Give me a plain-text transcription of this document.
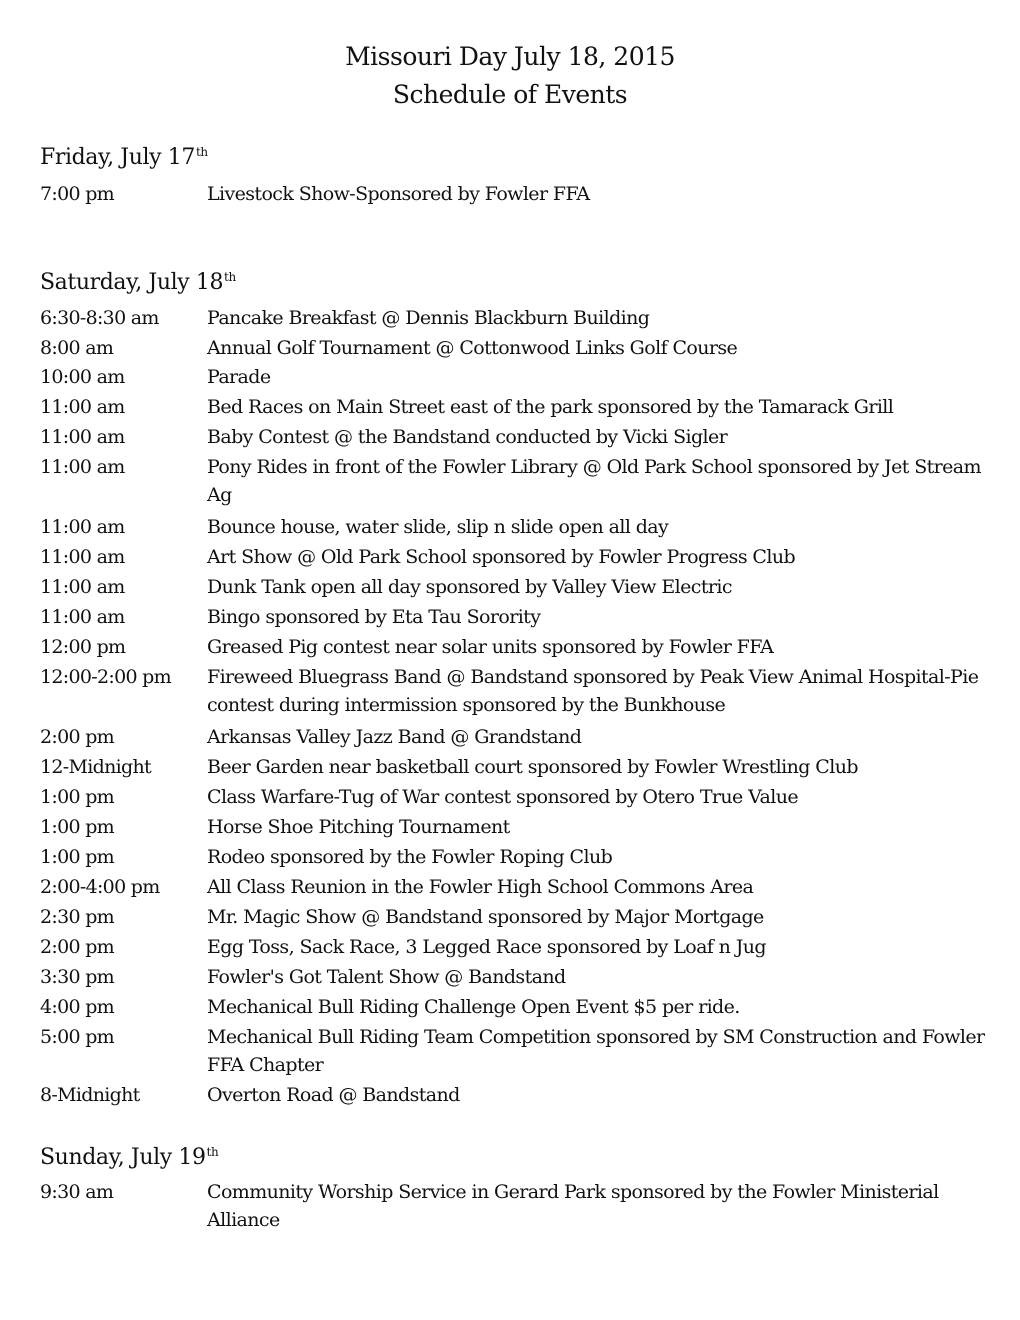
Missouri Day July 18, 2015
Schedule of Events
Friday, July 17th
7:00 pm	Livestock Show-Sponsored by Fowler FFA
Saturday, July 18th
6:30-8:30 am	Pancake Breakfast @ Dennis Blackburn Building
8:00 am	Annual Golf Tournament @ Cottonwood Links Golf Course
10:00 am	Parade
11:00 am	Bed Races on Main Street east of the park sponsored by the Tamarack Grill
11:00 am	Baby Contest @ the Bandstand conducted by Vicki Sigler
11:00 am	Pony Rides in front of the Fowler Library @ Old Park School sponsored by Jet Stream Ag
11:00 am	Bounce house, water slide, slip n slide open all day
11:00 am	Art Show @ Old Park School sponsored by Fowler Progress Club
11:00 am	Dunk Tank open all day sponsored by Valley View Electric
11:00 am	Bingo sponsored by Eta Tau Sorority
12:00 pm	Greased Pig contest near solar units sponsored by Fowler FFA
12:00-2:00 pm Fireweed Bluegrass Band @ Bandstand sponsored by Peak View Animal Hospital-Pie contest during intermission sponsored by the Bunkhouse
2:00 pm	Arkansas Valley Jazz Band @ Grandstand
12-Midnight	Beer Garden near basketball court sponsored by Fowler Wrestling Club
1:00 pm	Class Warfare-Tug of War contest sponsored by Otero True Value
1:00 pm	Horse Shoe Pitching Tournament
1:00 pm	Rodeo sponsored by the Fowler Roping Club
2:00-4:00 pm All Class Reunion in the Fowler High School Commons Area
2:30 pm	Mr. Magic Show @ Bandstand sponsored by Major Mortgage
2:00 pm	Egg Toss, Sack Race, 3 Legged Race sponsored by Loaf n Jug
3:30 pm	Fowler's Got Talent Show @ Bandstand
4:00 pm	Mechanical Bull Riding Challenge Open Event $5 per ride.
5:00 pm	Mechanical Bull Riding Team Competition sponsored by SM Construction and Fowler FFA Chapter
8-Midnight	Overton Road @ Bandstand
Sunday, July 19th
9:30 am	Community Worship Service in Gerard Park sponsored by the Fowler Ministerial Alliance
